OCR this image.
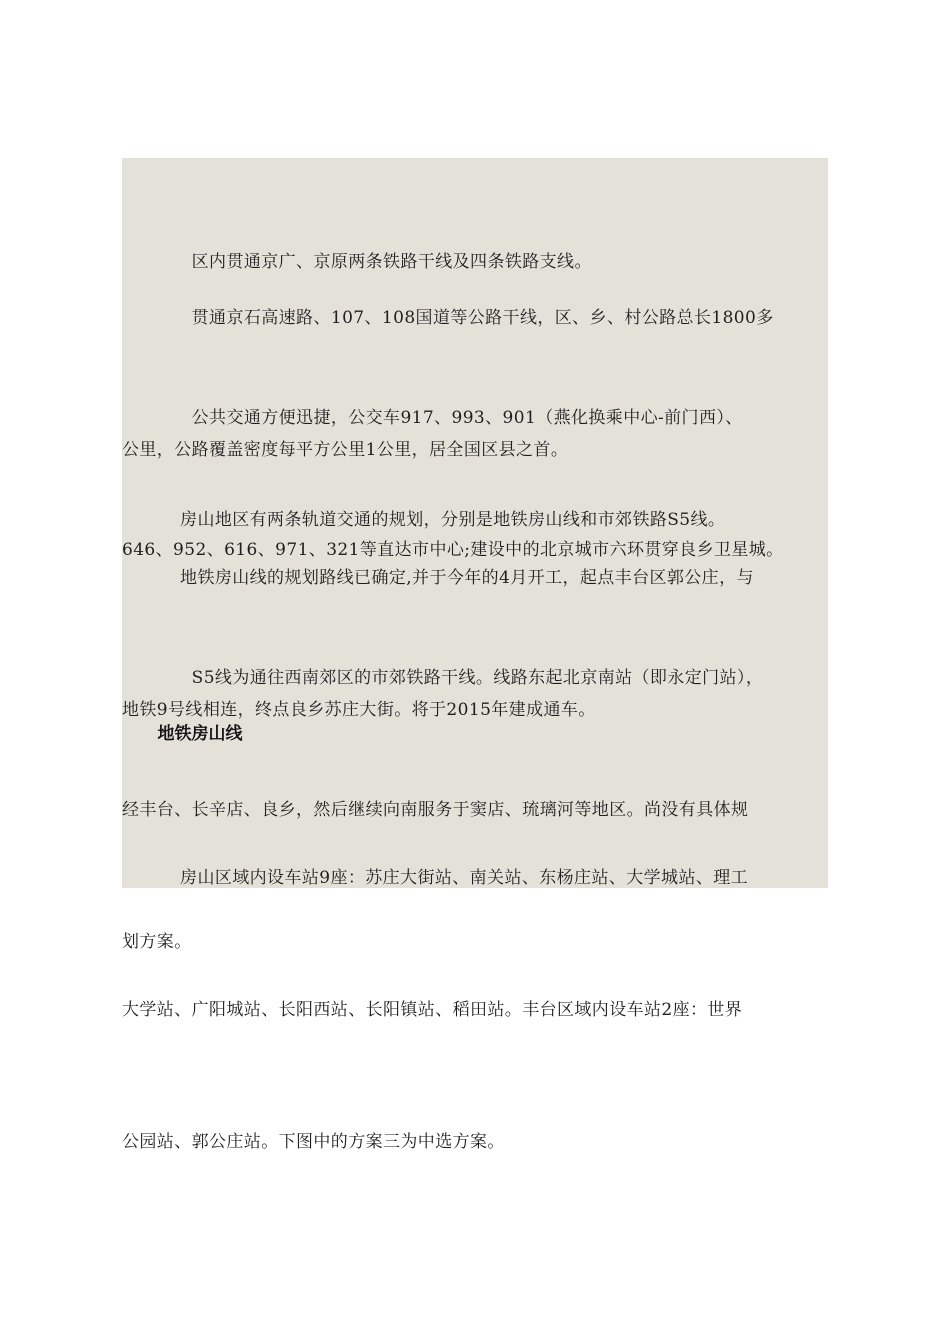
区内贯通京广、京原两条铁路干线及四条铁路支线。

贯通京石高速路、107、108国道等公路干线，区、乡、村公路总长1800多

公里，公路覆盖密度每平方公里1公里，居全国区县之首。

公共交通方便迅捷，公交车917、993、901（燕化换乘中心-前门西）、

646、952、616、971、321等直达市中心;建设中的北京城市六环贯穿良乡卫星城。

房山地区有两条轨道交通的规划，分别是地铁房山线和市郊铁路S5线。

地铁房山线的规划路线已确定,并于今年的4月开工，起点丰台区郭公庄，与

地铁9号线相连，终点良乡苏庄大街。将于2015年建成通车。

S5线为通往西南郊区的市郊铁路干线。线路东起北京南站（即永定门站），

经丰台、长辛店、良乡，然后继续向南服务于窦店、琉璃河等地区。尚没有具体规

划方案。

地铁房山线

房山区域内设车站9座：苏庄大街站、南关站、东杨庄站、大学城站、理工

大学站、广阳城站、长阳西站、长阳镇站、稻田站。丰台区域内设车站2座：世界

公园站、郭公庄站。下图中的方案三为中选方案。
